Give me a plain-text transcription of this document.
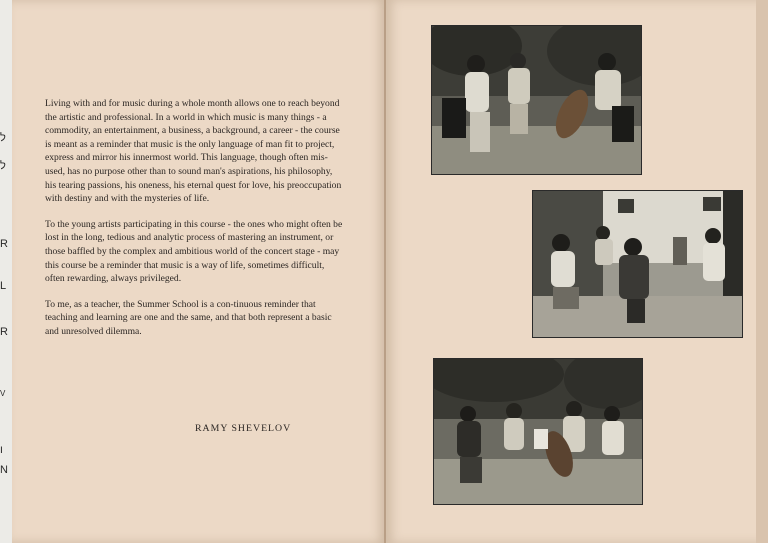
ל
ל
R
L
R
V
ו
N

Living with and for music during a whole month allows one to reach beyond the artistic and professional. In a world in which music is many things - a commodity, an entertainment, a business, a background, a career - the course is meant as a reminder that music is the only language of man fit to project, express and mirror his innermost world. This language, though often mis-used, has no purpose other than to sound man's aspirations, his philosophy, his tearing passions, his oneness, his eternal quest for love, his preoccupation with destiny and with the mysteries of life.

To the young artists participating in this course - the ones who might often be lost in the long, tedious and analytic process of mastering an instrument, or those baffled by the complex and ambitious world of the concert stage - may this course be a reminder that music is a way of life, sometimes difficult, often rewarding, always privileged.

To me, as a teacher, the Summer School is a con-tinuous reminder that teaching and learning are one and the same, and that both represent a basic and unresolved dilemma.

RAMY SHEVELOV
